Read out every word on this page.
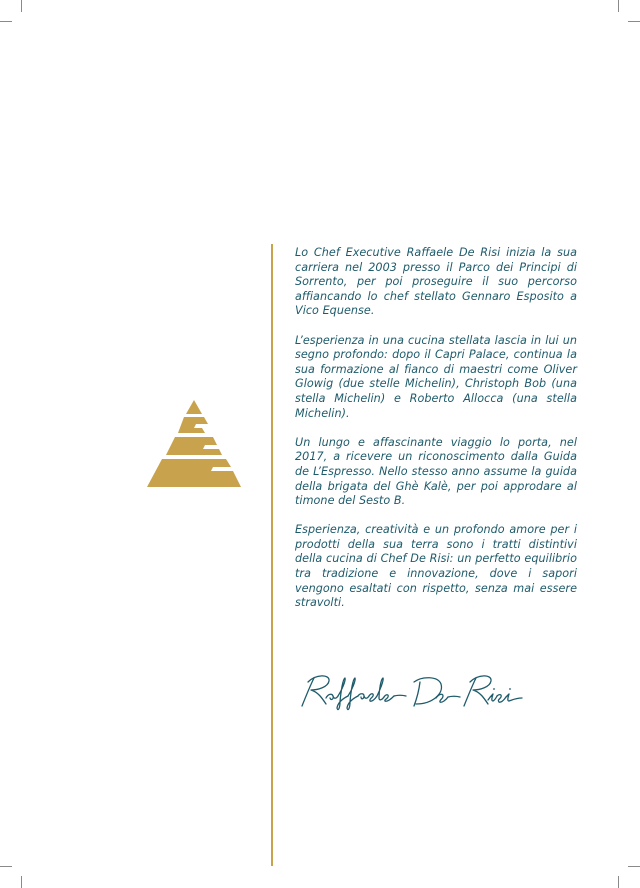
Lo Chef Executive Raffaele De Risi inizia la sua carriera nel 2003 presso il Parco dei Principi di Sorrento, per poi proseguire il suo percorso affiancando lo chef stellato Gennaro Esposito a Vico Equense.

L’esperienza in una cucina stellata lascia in lui un segno profondo: dopo il Capri Palace, continua la sua formazione al fianco di maestri come Oliver Glowig (due stelle Michelin), Christoph Bob (una stella Michelin) e Roberto Allocca (una stella Michelin).

Un lungo e affascinante viaggio lo porta, nel 2017, a ricevere un riconoscimento dalla Guida de L’Espresso. Nello stesso anno assume la guida della brigata del Ghè Kalè, per poi approdare al timone del Sesto B.

Esperienza, creatività e un profondo amore per i prodotti della sua terra sono i tratti distintivi della cucina di Chef De Risi: un perfetto equilibrio tra tradizione e innovazione, dove i sapori vengono esaltati con rispetto, senza mai essere stravolti.
